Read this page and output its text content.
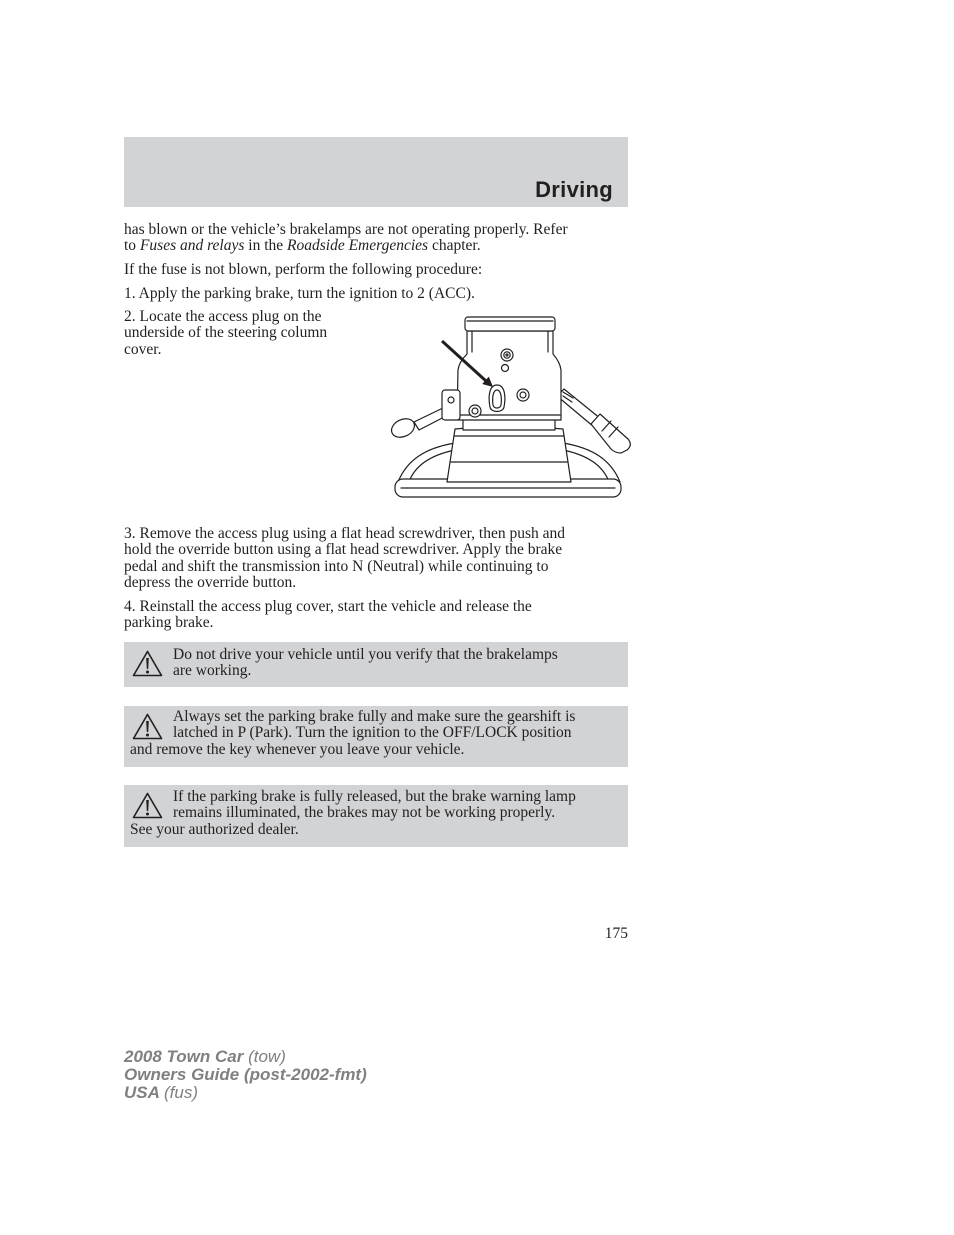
Driving
has blown or the vehicle’s brakelamps are not operating properly. Refer
to Fuses and relays in the Roadside Emergencies chapter.
If the fuse is not blown, perform the following procedure:
1. Apply the parking brake, turn the ignition to 2 (ACC).
2. Locate the access plug on the
underside of the steering column
cover.
3. Remove the access plug using a flat head screwdriver, then push and
hold the override button using a flat head screwdriver. Apply the brake
pedal and shift the transmission into N (Neutral) while continuing to
depress the override button.
4. Reinstall the access plug cover, start the vehicle and release the
parking brake.
Do not drive your vehicle until you verify that the brakelamps
are working.
Always set the parking brake fully and make sure the gearshift is
latched in P (Park). Turn the ignition to the OFF/LOCK position
and remove the key whenever you leave your vehicle.
If the parking brake is fully released, but the brake warning lamp
remains illuminated, the brakes may not be working properly.
See your authorized dealer.
175
2008 Town Car (tow)
Owners Guide (post-2002-fmt)
USA (fus)
